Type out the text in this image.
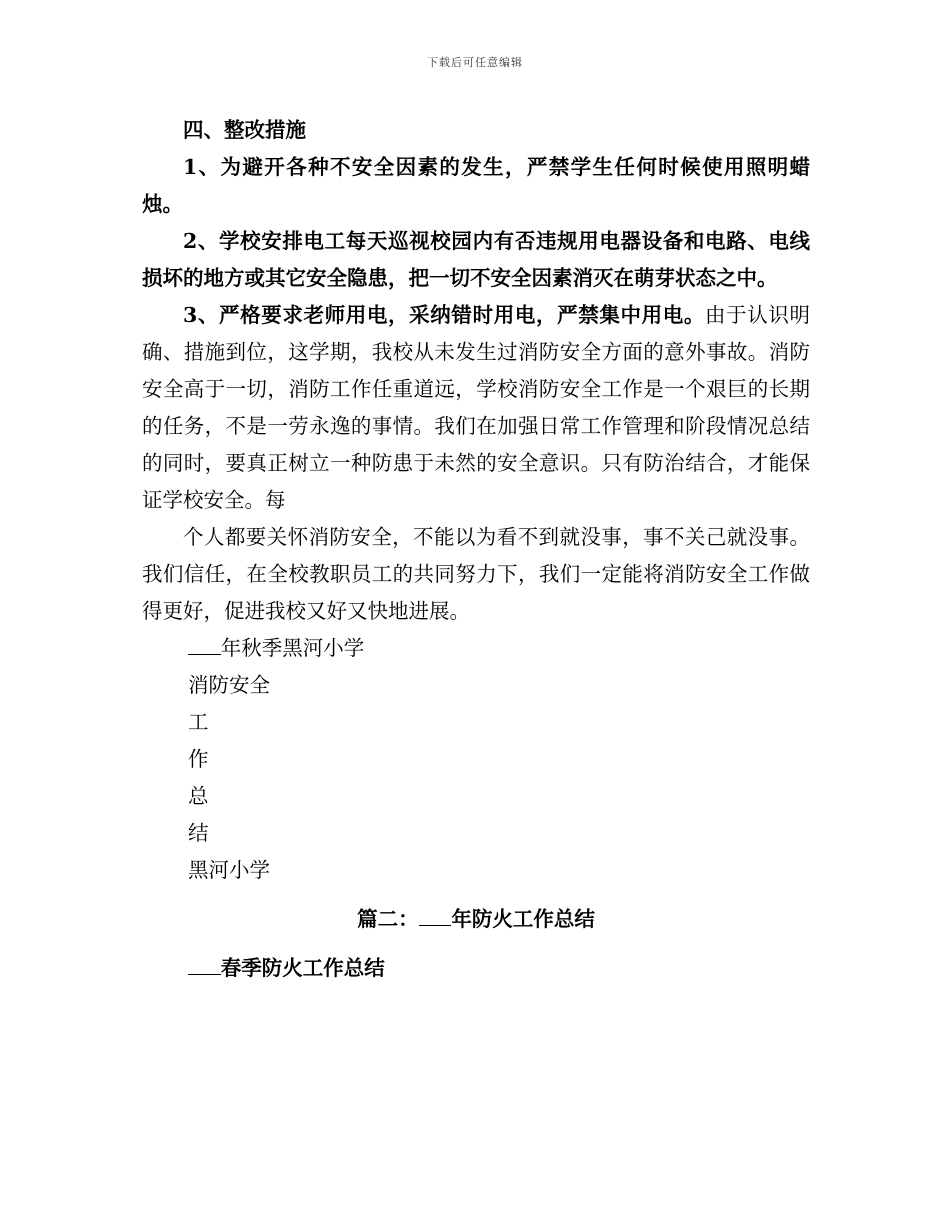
下载后可任意编辑

四、整改措施

1、为避开各种不安全因素的发生，严禁学生任何时候使用照明蜡烛。

2、学校安排电工每天巡视校园内有否违规用电器设备和电路、电线损坏的地方或其它安全隐患，把一切不安全因素消灭在萌芽状态之中。

3、严格要求老师用电，采纳错时用电，严禁集中用电。由于认识明确、措施到位，这学期，我校从未发生过消防安全方面的意外事故。消防安全高于一切，消防工作任重道远，学校消防安全工作是一个艰巨的长期的任务，不是一劳永逸的事情。我们在加强日常工作管理和阶段情况总结的同时，要真正树立一种防患于未然的安全意识。只有防治结合，才能保证学校安全。每

个人都要关怀消防安全，不能以为看不到就没事，事不关己就没事。我们信任，在全校教职员工的共同努力下，我们一定能将消防安全工作做得更好，促进我校又好又快地进展。

年秋季黑河小学

消防安全

工

作

总

结

黑河小学

篇二： 年防火工作总结

春季防火工作总结
